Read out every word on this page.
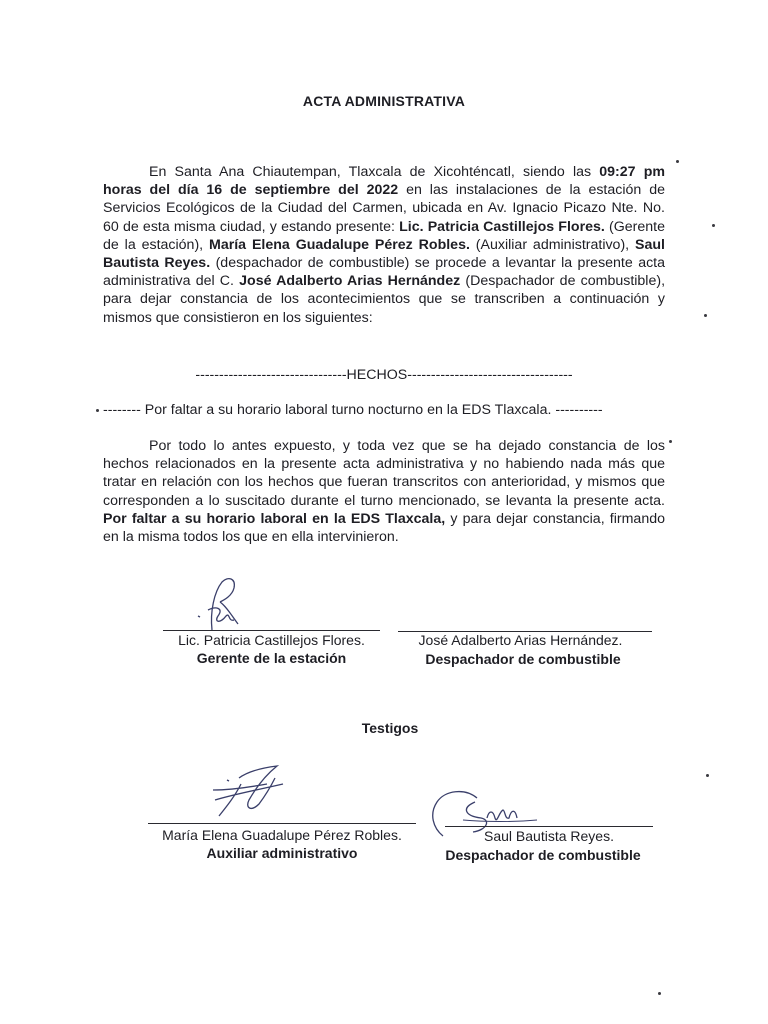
ACTA ADMINISTRATIVA

En Santa Ana Chiautempan, Tlaxcala de Xicohténcatl, siendo las 09:27 pm horas del día 16 de septiembre del 2022 en las instalaciones de la estación de Servicios Ecológicos de la Ciudad del Carmen, ubicada en Av. Ignacio Picazo Nte. No. 60 de esta misma ciudad, y estando presente: Lic. Patricia Castillejos Flores. (Gerente de la estación), María Elena Guadalupe Pérez Robles. (Auxiliar administrativo), Saul Bautista Reyes. (despachador de combustible) se procede a levantar la presente acta administrativa del C. José Adalberto Arias Hernández (Despachador de combustible), para dejar constancia de los acontecimientos que se transcriben a continuación y mismos que consistieron en los siguientes:

--------------------------------HECHOS-----------------------------------
-------- Por faltar a su horario laboral turno nocturno en la EDS Tlaxcala. ----------

Por todo lo antes expuesto, y toda vez que se ha dejado constancia de los hechos relacionados en la presente acta administrativa y no habiendo nada más que tratar en relación con los hechos que fueran transcritos con anterioridad, y mismos que corresponden a lo suscitado durante el turno mencionado, se levanta la presente acta. Por faltar a su horario laboral en la EDS Tlaxcala, y para dejar constancia, firmando en la misma todos los que en ella intervinieron.

Lic. Patricia Castillejos Flores.
Gerente de la estación
José Adalberto Arias Hernández.
Despachador de combustible
Testigos
María Elena Guadalupe Pérez Robles.
Auxiliar administrativo
Saul Bautista Reyes.
Despachador de combustible
